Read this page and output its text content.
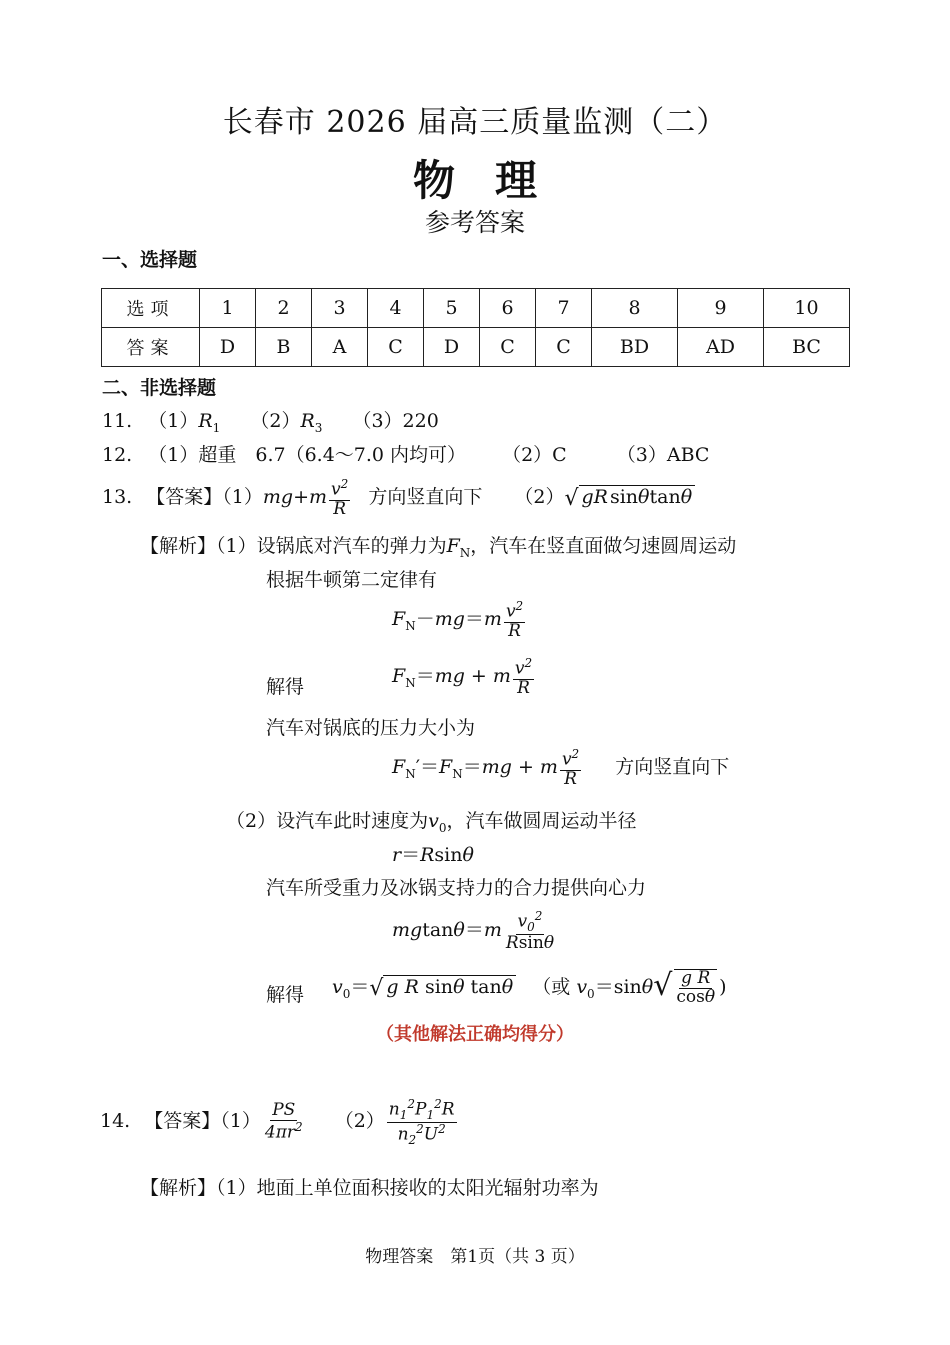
长春市 2026 届高三质量监测（二）
物理
参考答案
一、选择题
选项	1	2	3	4	5	6	7	8	9	10
答案	D	B	A	C	D	C	C	BD	AD	BC
二、非选择题
11. $(1)R_1$ $(2)R_3$ （3）220
12. （1）超重　6.7（6.4～7.0 内均可） （2）C	（3）ABC
13. 【答案】$(1)mg+m \frac{v^2}{R}$ 方向竖直向下 （2）√ gR sinθtanθ
【解析】（1）设锅底对汽车的弹力为$F_N$，汽车在竖直面做匀速圆周运动
根据牛顿第二定律有
$F_N-mg=m \frac{v^2}{R}$
解得	$F_N=mg + m \frac{v^2}{R}$
汽车对锅底的压力大小为
$F_N'=F_N=mg + m \frac{v^2}{R}$ 方向竖直向下
（2）设汽车此时速度为$v_0$，汽车做圆周运动半径
r＝Rsinθ
汽车所受重力及冰锅支持力的合力提供向心力
$mgtan\theta=m \frac{v_0^2}{Rsin\theta}$
解得 $v_0=√$ g R sinθ tanθ （或 $v_0=\sin\theta√ \frac{\text{g R}}{\cos\theta}$ )
（其他解法正确均得分）
14. 【答案】$(1) \frac{PS}{4\pi r^2} (2) \frac{n_1^2P_1^2R}{n_2^2U^2}$
【解析】（1）地面上单位面积接收的太阳光辐射功率为
物理答案　第1页（共 3 页）
